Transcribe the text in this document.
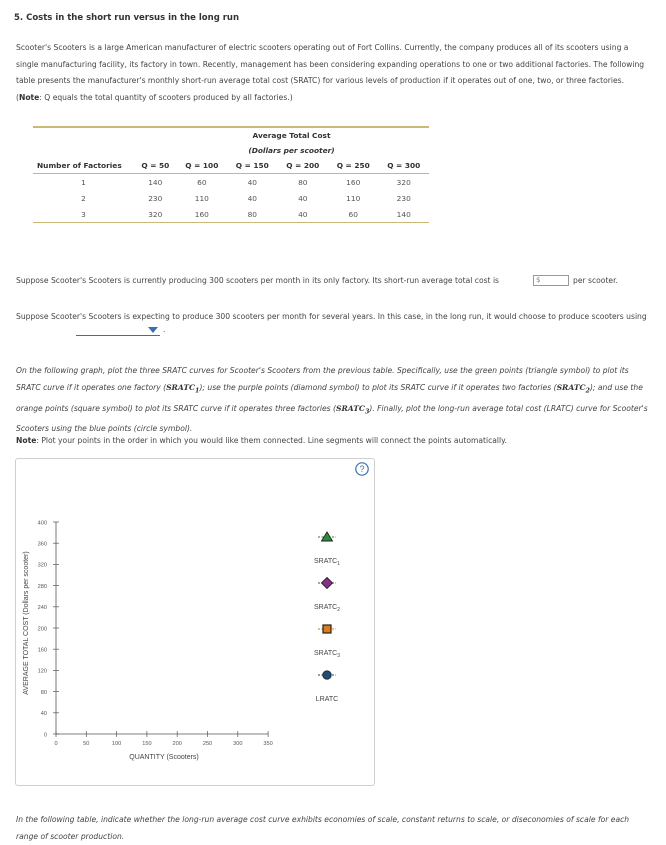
5. Costs in the short run versus in the long run
Scooter's Scooters is a large American manufacturer of electric scooters operating out of Fort Collins. Currently, the company produces all of its scooters using a single manufacturing facility, its factory in town. Recently, management has been considering expanding operations to one or two additional factories. The following table presents the manufacturer's monthly short-run average total cost (SRATC) for various levels of production if it operates out of one, two, or three factories. (Note: Q equals the total quantity of scooters produced by all factories.)

	Average Total Cost					
	(Dollars per scooter)					
Number of Factories	Q = 50	Q = 100	Q = 150	Q = 200	Q = 250	Q = 300
1	140	60	40	80	160	320
2	230	110	40	40	110	230
3	320	160	80	40	60	140

Suppose Scooter's Scooters is currently producing 300 scooters per month in its only factory. Its short-run average total cost is	$	per scooter.
Suppose Scooter's Scooters is expecting to produce 300 scooters per month for several years. In this case, in the long run, it would choose to produce scooters using
.
On the following graph, plot the three SRATC curves for Scooter's Scooters from the previous table. Specifically, use the green points (triangle symbol) to plot its SRATC curve if it operates one factory $(SRATC_1)$; use the purple points (diamond symbol) to plot its SRATC curve if it operates two factories $(SRATC_2)$; and use the orange points (square symbol) to plot its SRATC curve if it operates three factories $(SRATC_3)$. Finally, plot the long-run average total cost (LRATC) curve for Scooter's Scooters using the blue points (circle symbol).
Note: Plot your points in the order in which you would like them connected. Line segments will connect the points automatically.
?
AVERAGE TOTAL COST (Dollars per scooter)
QUANTITY (Scooters)
0
40
80
120
160
200
240
280
320
360
400
0	50	100	150	200	250	300	350
$SRATC_1$
$SRATC_2$
$SRATC_3$
LRATC
In the following table, indicate whether the long-run average cost curve exhibits economies of scale, constant returns to scale, or diseconomies of scale for each range of scooter production.
